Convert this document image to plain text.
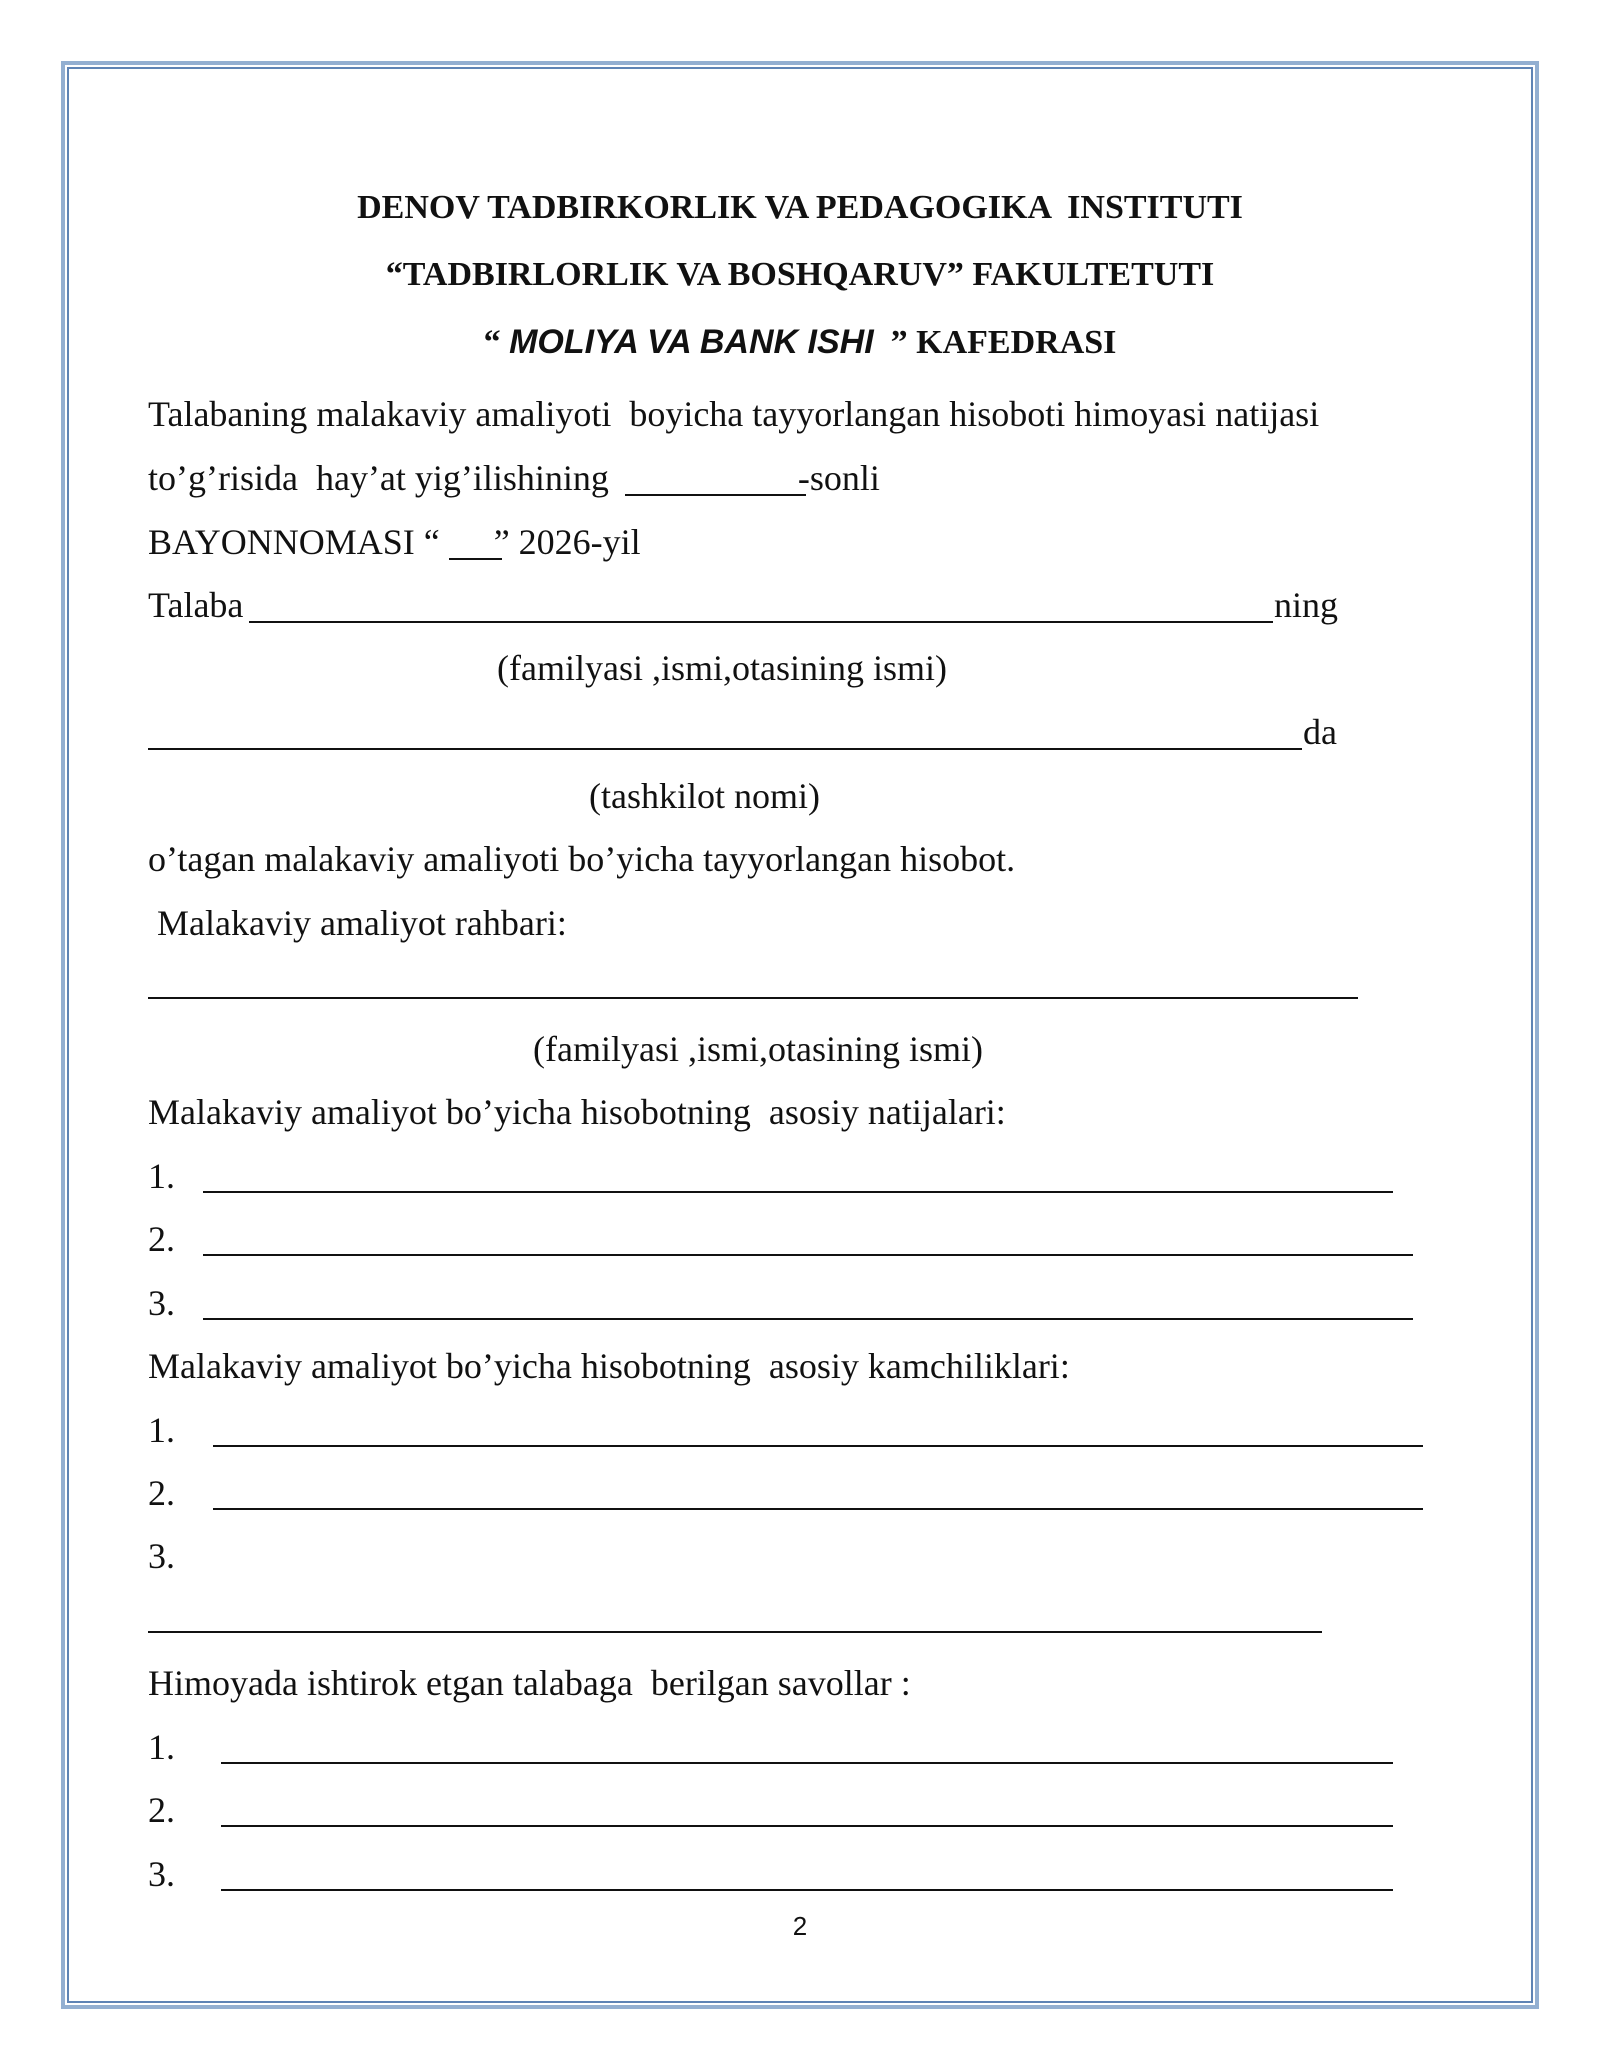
DENOV TADBIRKORLIK VA PEDAGOGIKA  INSTITUTI
“TADBIRLORLIK VA BOSHQARUV” FAKULTETUTI
“ MOLIYA VA BANK ISHI  ” KAFEDRASI
Talabaning malakaviy amaliyoti  boyicha tayyorlangan hisoboti himoyasi natijasi
to’g’risida  hay’at yig’ilishining	-sonli
BAYONNOMASI “ ” 2026-yil
Talaba	ning
(familyasi ,ismi,otasining ismi)
da
(tashkilot nomi)
o’tagan malakaviy amaliyoti bo’yicha tayyorlangan hisobot.
Malakaviy amaliyot rahbari:
(familyasi ,ismi,otasining ismi)
Malakaviy amaliyot bo’yicha hisobotning  asosiy natijalari:
1.
2.
3.
Malakaviy amaliyot bo’yicha hisobotning  asosiy kamchiliklari:
1.
2.
3.
Himoyada ishtirok etgan talabaga  berilgan savollar :
1.
2.
3.
2
